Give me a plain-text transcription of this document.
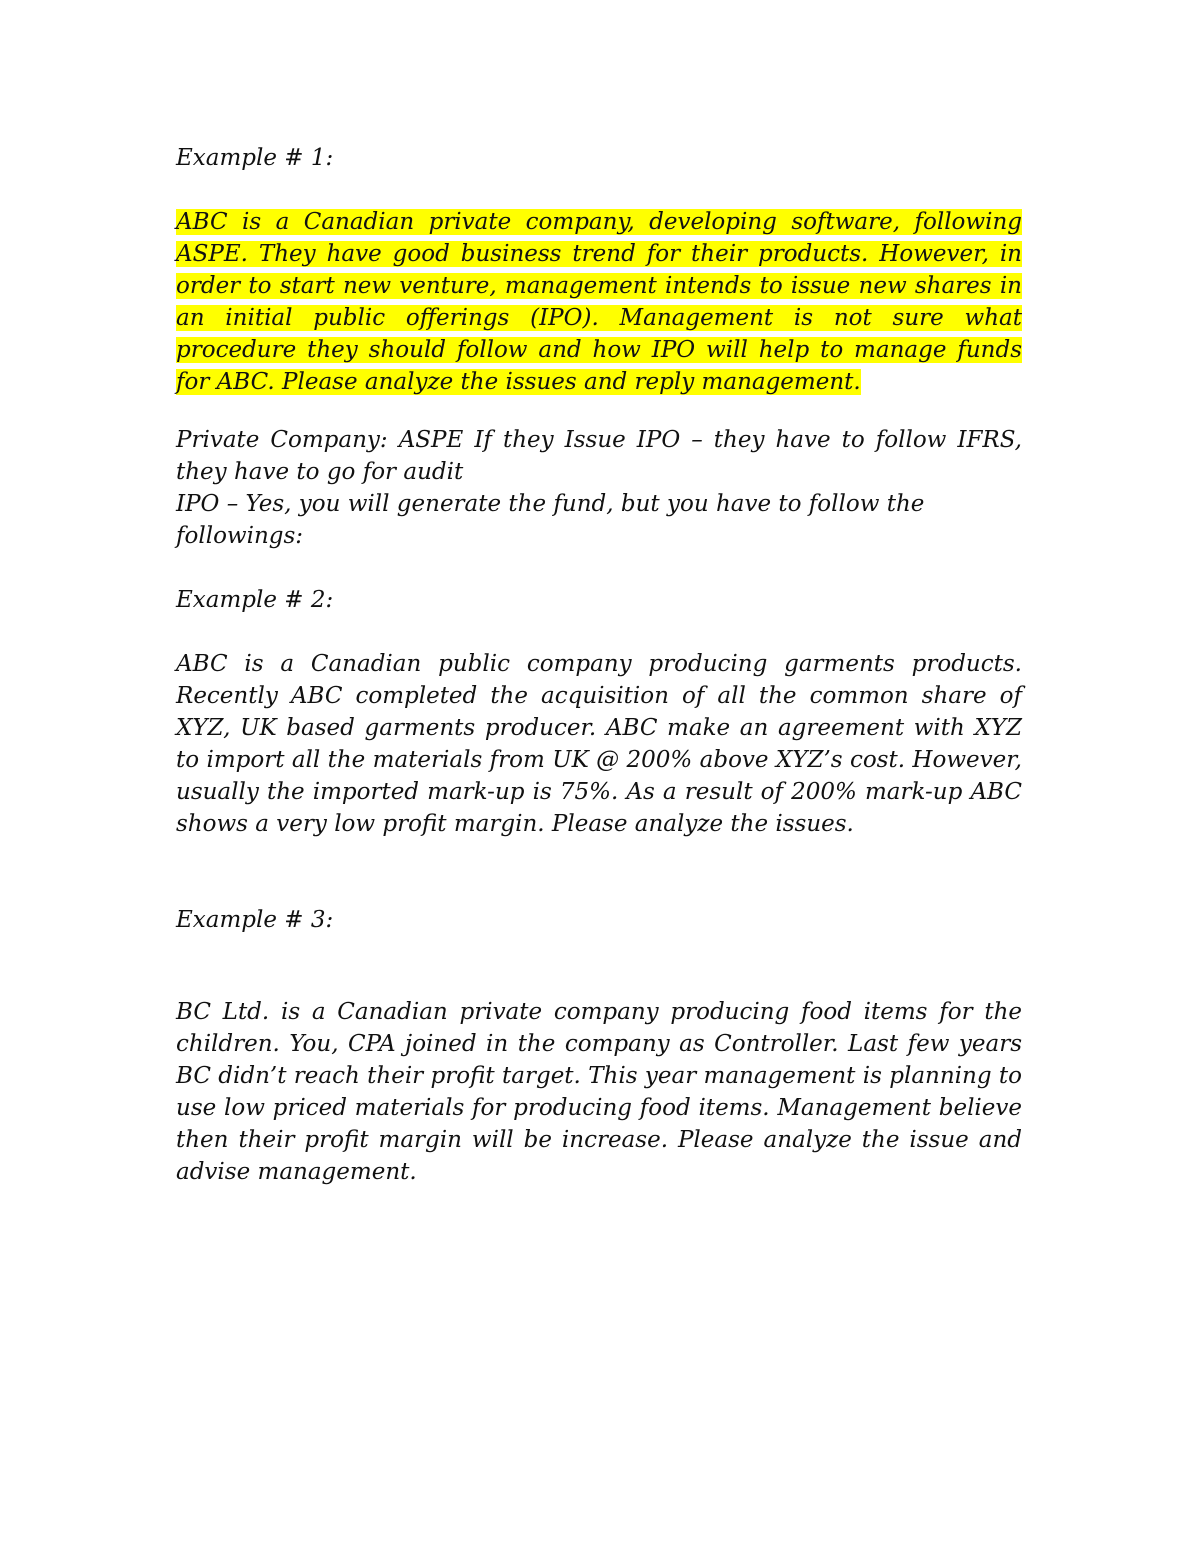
Example # 1:

ABC is a Canadian private company, developing software, following ASPE. They have good business trend for their products. However, in order to start new venture, management intends to issue new shares in an initial public offerings (IPO). Management is not sure what procedure they should follow and how IPO will help to manage funds for ABC. Please analyze the issues and reply management.

Private Company: ASPE If they Issue IPO – they have to follow IFRS, they have to go for audit

IPO – Yes, you will generate the fund, but you have to follow the followings:

Example # 2:

ABC is a Canadian public company producing garments products. Recently ABC completed the acquisition of all the common share of XYZ, UK based garments producer. ABC make an agreement with XYZ to import all the materials from UK @ 200% above XYZ’s cost. However, usually the imported mark-up is 75%. As a result of 200% mark-up ABC shows a very low profit margin. Please analyze the issues.

Example # 3:

BC Ltd. is a Canadian private company producing food items for the children. You, CPA joined in the company as Controller. Last few years BC didn’t reach their profit target. This year management is planning to use low priced materials for producing food items. Management believe then their profit margin will be increase. Please analyze the issue and advise management.
